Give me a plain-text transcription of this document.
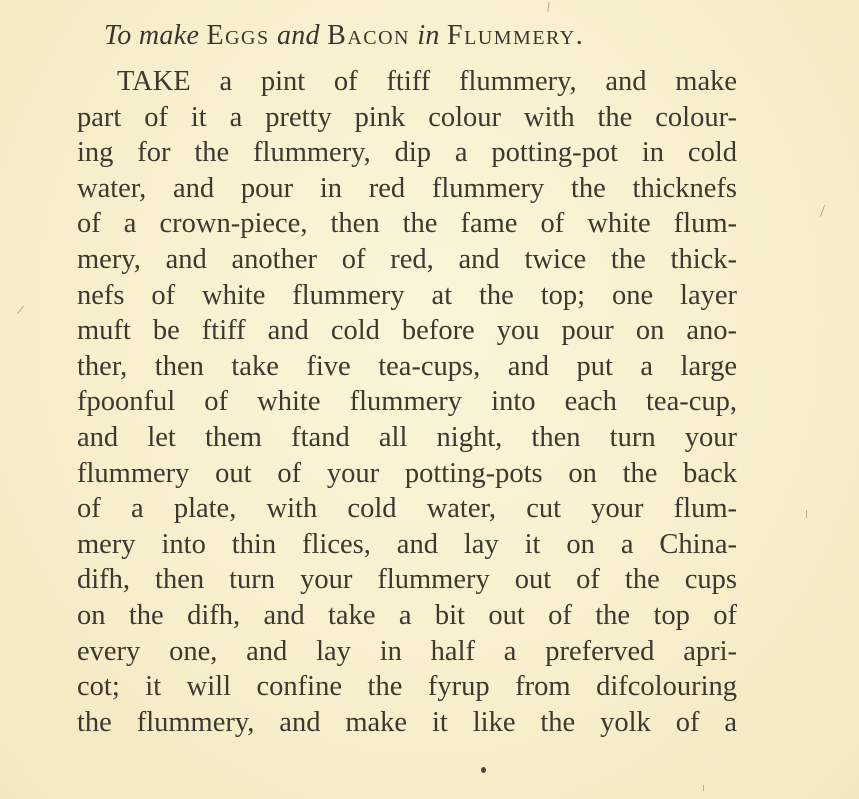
To make Eggs and Bacon in Flummery.
TAKE a pint of ftiff flummery, and make
part of it a pretty pink colour with the colour-
ing for the flummery, dip a potting-pot in cold
water, and pour in red flummery the thicknefs
of a crown-piece, then the fame of white flum-
mery, and another of red, and twice the thick-
nefs of white flummery at the top; one layer
muft be ftiff and cold before you pour on ano-
ther, then take five tea-cups, and put a large
fpoonful of white flummery into each tea-cup,
and let them ftand all night, then turn your
flummery out of your potting-pots on the back
of a plate, with cold water, cut your flum-
mery into thin flices, and lay it on a China-
difh, then turn your flummery out of the cups
on the difh, and take a bit out of the top of
every one, and lay in half a preferved apri-
cot; it will confine the fyrup from difcolouring
the flummery, and make it like the yolk of a
